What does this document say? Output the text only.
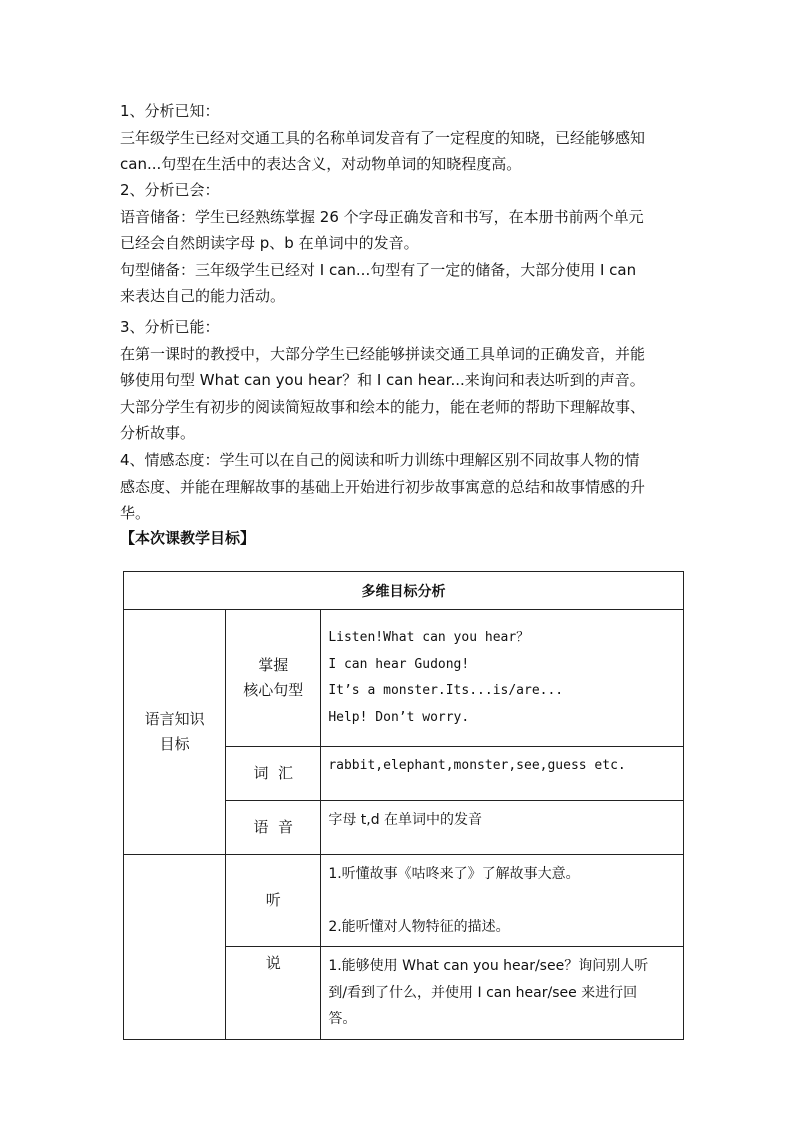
1、分析已知：
三年级学生已经对交通工具的名称单词发音有了一定程度的知晓，已经能够感知
can...句型在生活中的表达含义，对动物单词的知晓程度高。
2、分析已会：
语音储备：学生已经熟练掌握 26 个字母正确发音和书写，在本册书前两个单元
已经会自然朗读字母 p、b 在单词中的发音。
句型储备：三年级学生已经对 I can...句型有了一定的储备，大部分使用 I can
来表达自己的能力活动。
3、分析已能：
在第一课时的教授中，大部分学生已经能够拼读交通工具单词的正确发音，并能
够使用句型 What can you hear？和 I can hear...来询问和表达听到的声音。
大部分学生有初步的阅读简短故事和绘本的能力，能在老师的帮助下理解故事、
分析故事。
4、情感态度：学生可以在自己的阅读和听力训练中理解区别不同故事人物的情
感态度、并能在理解故事的基础上开始进行初步故事寓意的总结和故事情感的升
华。
【本次课教学目标】
多维目标分析		
语言知识目标	掌握
核心句型	Listen!What can you hear？
I can hear Gudong!
It’s a monster.Its...is/are...
Help! Don’t worry.

	词  汇	rabbit,elephant,monster,see,guess etc.
	语  音	字母 t,d 在单词中的发音
	听	1.听懂故事《咕咚来了》了解故事大意。
2.能听懂对人物特征的描述。

	说	1.能够使用 What can you hear/see？询问别人听
到/看到了什么，并使用 I can hear/see 来进行回
答。
